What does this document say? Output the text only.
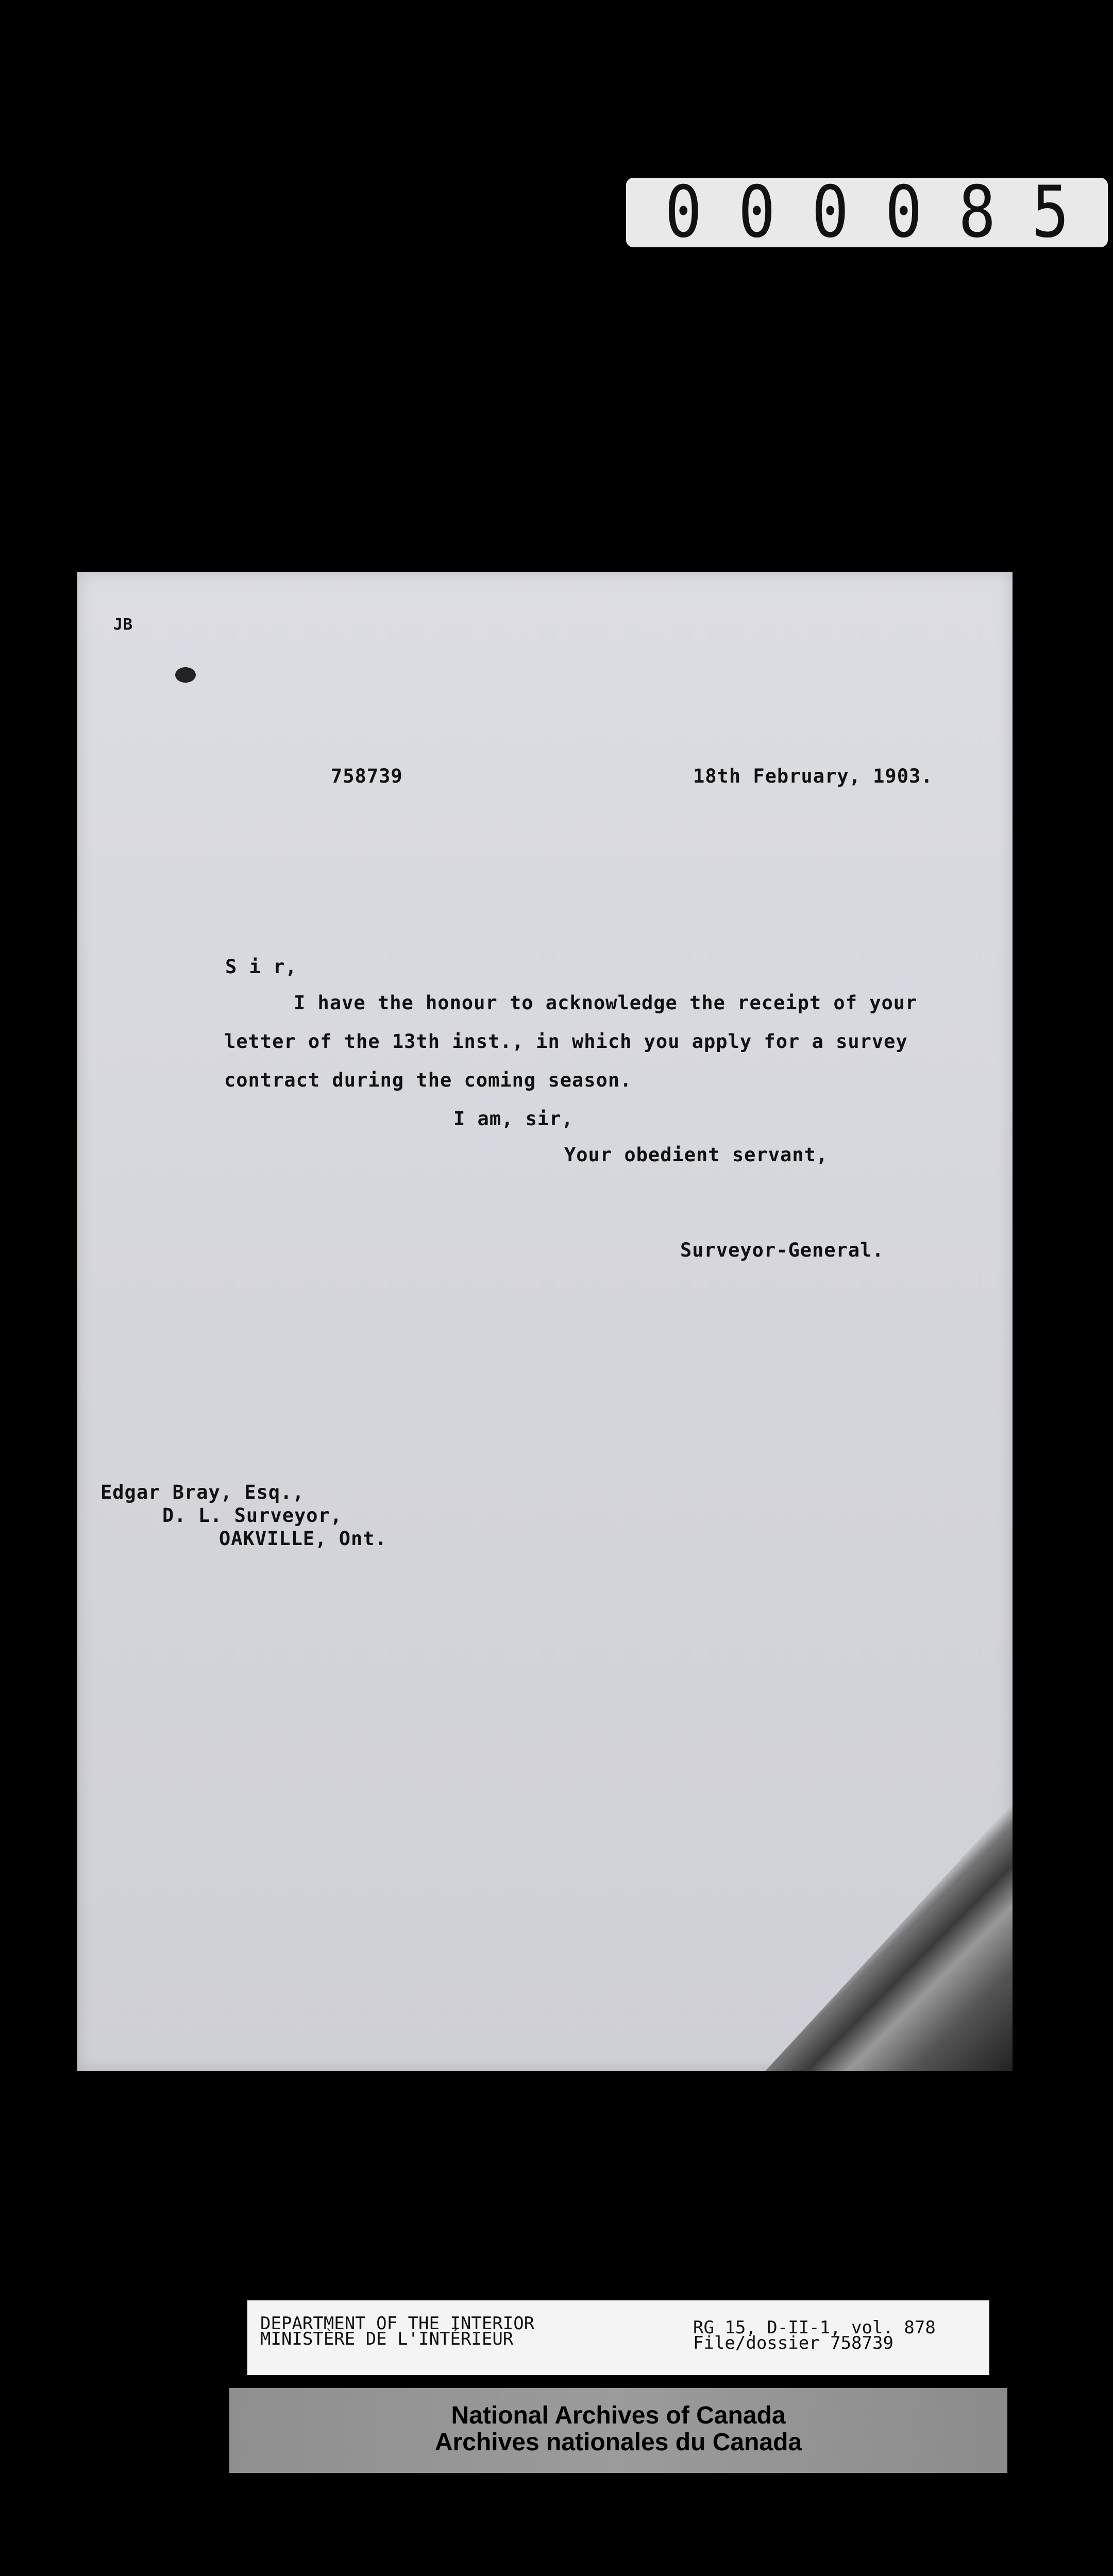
0 0 0 0 8 5
JB
758739	18th February, 1903.
S i r,
I have the honour to acknowledge the receipt of your
letter of the 13th inst., in which you apply for a survey
contract during the coming season.
I am, sir,
Your obedient servant,
Surveyor-General.
Edgar Bray, Esq.,
D. L. Surveyor,
OAKVILLE, Ont.
DEPARTMENT OF THE INTERIOR
MINISTÈRE DE L'INTÉRIEUR
RG 15, D-II-1, vol. 878
File/dossier 758739
National Archives of Canada
Archives nationales du Canada
